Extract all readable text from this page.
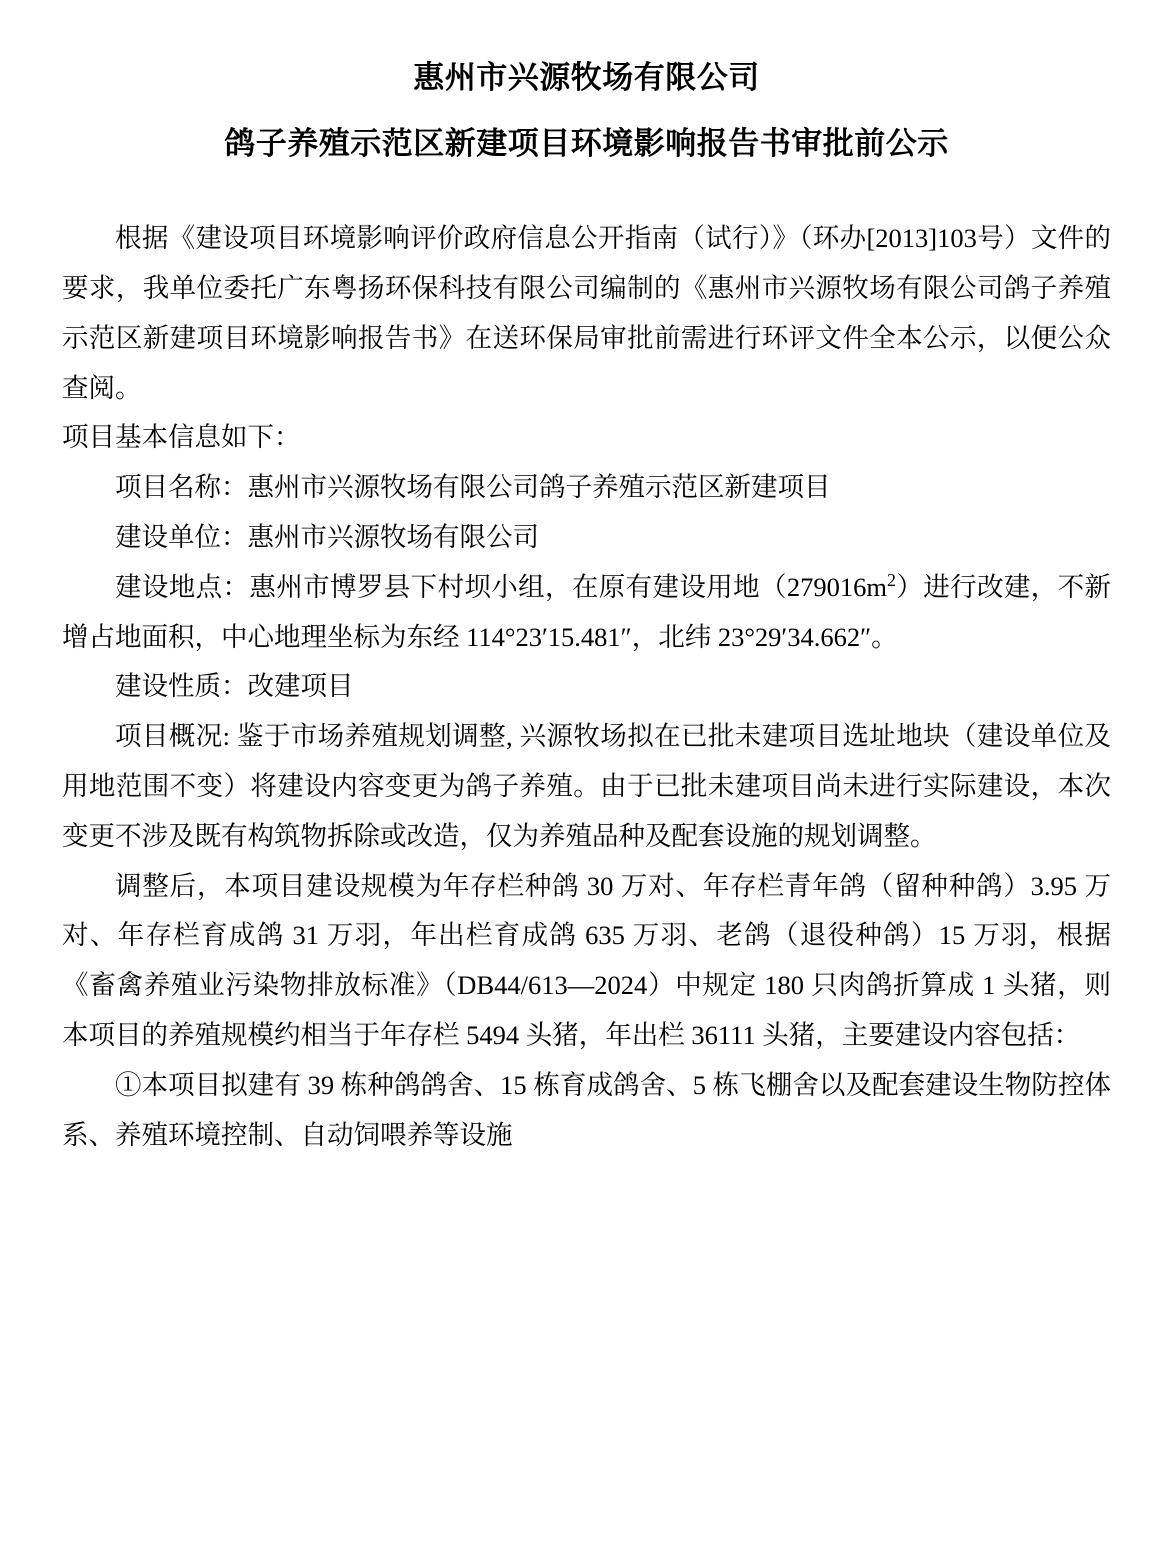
惠州市兴源牧场有限公司
鸽子养殖示范区新建项目环境影响报告书审批前公示

根据《建设项目环境影响评价政府信息公开指南（试行）》（环办[2013]103号）文件的要求，我单位委托广东粤扬环保科技有限公司编制的《惠州市兴源牧场有限公司鸽子养殖示范区新建项目环境影响报告书》在送环保局审批前需进行环评文件全本公示，以便公众查阅。

项目基本信息如下：

项目名称：惠州市兴源牧场有限公司鸽子养殖示范区新建项目

建设单位：惠州市兴源牧场有限公司

建设地点：惠州市博罗县下村坝小组，在原有建设用地$(279016m^2)$进行改建，不新增占地面积，中心地理坐标为东经 114°23′15.481″，北纬 23°29′34.662″。

建设性质：改建项目

项目概况: 鉴于市场养殖规划调整, 兴源牧场拟在已批未建项目选址地块（建设单位及用地范围不变）将建设内容变更为鸽子养殖。由于已批未建项目尚未进行实际建设，本次变更不涉及既有构筑物拆除或改造，仅为养殖品种及配套设施的规划调整。

调整后，本项目建设规模为年存栏种鸽 30 万对、年存栏青年鸽（留种种鸽）3.95 万对、年存栏育成鸽 31 万羽，年出栏育成鸽 635 万羽、老鸽（退役种鸽）15 万羽，根据《畜禽养殖业污染物排放标准》（DB44/613—2024）中规定 180 只肉鸽折算成 1 头猪，则本项目的养殖规模约相当于年存栏 5494 头猪，年出栏 36111 头猪，主要建设内容包括：

①本项目拟建有 39 栋种鸽鸽舍、15 栋育成鸽舍、5 栋飞棚舍以及配套建设生物防控体系、养殖环境控制、自动饲喂养等设施
